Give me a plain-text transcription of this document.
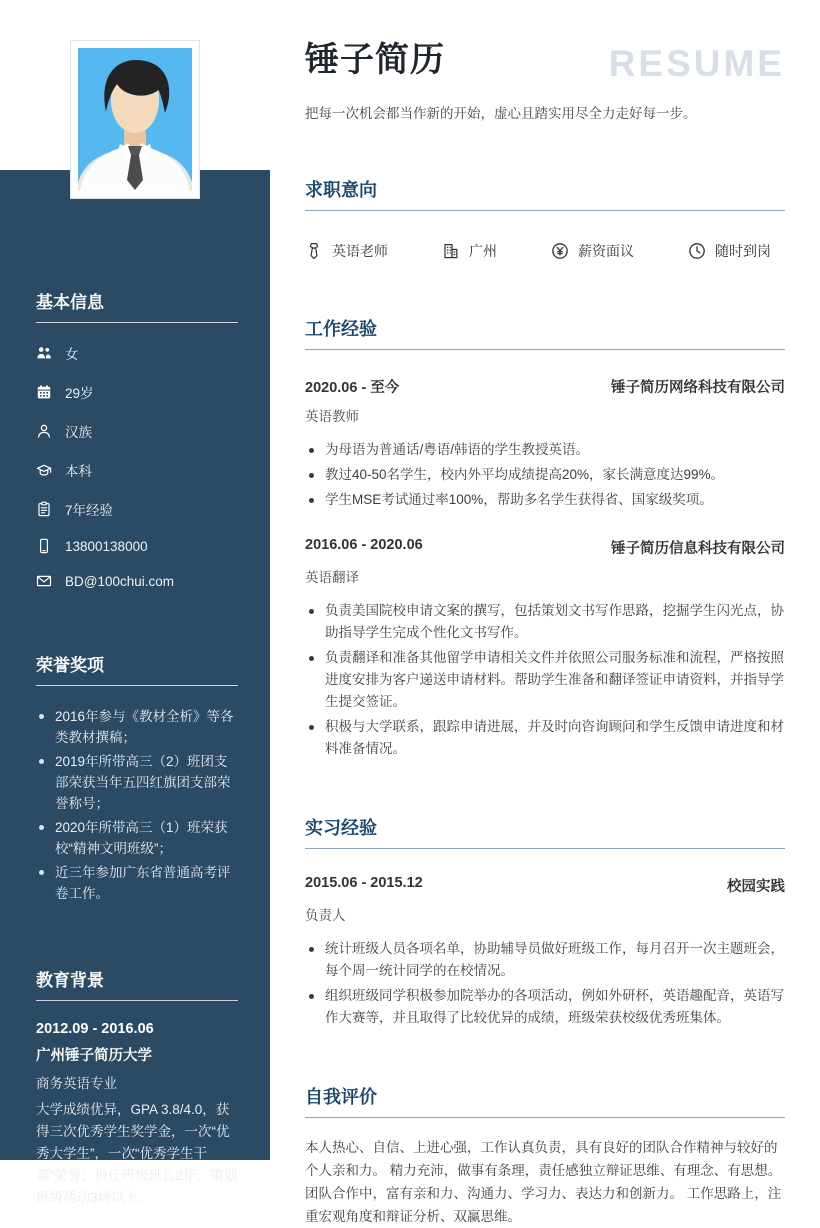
基本信息
女
29岁
汉族
本科
7年经验
13800138000
BD@100chui.com
荣誉奖项
2016年参与《教材全析》等各类教材撰稿；
2019年所带高三（2）班团支部荣获当年五四红旗团支部荣誉称号；
2020年所带高三（1）班荣获校“精神文明班级”；
近三年参加广东省普通高考评卷工作。
教育背景
2012.09 - 2016.06
广州锤子简历大学
商务英语专业
大学成绩优异，GPA 3.8/4.0，获得三次优秀学生奖学金，一次“优秀大学生”，一次“优秀学生干部”荣誉；担任班级班长2年，策划班级活动3场以上。
锤子简历	RESUME
把每一次机会都当作新的开始，虚心且踏实用尽全力走好每一步。
求职意向
英语老师	广州	薪资面议	随时到岗
工作经验
2020.06 - 至今	锤子简历网络科技有限公司
英语教师
为母语为普通话/粤语/韩语的学生教授英语。
教过40-50名学生，校内外平均成绩提高20%，家长满意度达99%。
学生MSE考试通过率100%，帮助多名学生获得省、国家级奖项。
2016.06 - 2020.06	锤子简历信息科技有限公司
英语翻译
负责美国院校申请文案的撰写，包括策划文书写作思路，挖掘学生闪光点，协助指导学生完成个性化文书写作。
负责翻译和准备其他留学申请相关文件并依照公司服务标准和流程，严格按照进度安排为客户递送申请材料。帮助学生准备和翻译签证申请资料，并指导学生提交签证。
积极与大学联系，跟踪申请进展，并及时向咨询顾问和学生反馈申请进度和材料准备情况。
实习经验
2015.06 - 2015.12	校园实践
负责人
统计班级人员各项名单，协助辅导员做好班级工作，每月召开一次主题班会，每个周一统计同学的在校情况。
组织班级同学积极参加院举办的各项活动，例如外研杯，英语趣配音，英语写作大赛等，并且取得了比较优异的成绩，班级荣获校级优秀班集体。
自我评价
本人热心、自信、上进心强，工作认真负责，具有良好的团队合作精神与较好的个人亲和力。 精力充沛，做事有条理，责任感独立辩证思维、有理念、有思想。 团队合作中，富有亲和力、沟通力、学习力、表达力和创新力。 工作思路上，注重宏观角度和辩证分析、双赢思维。
